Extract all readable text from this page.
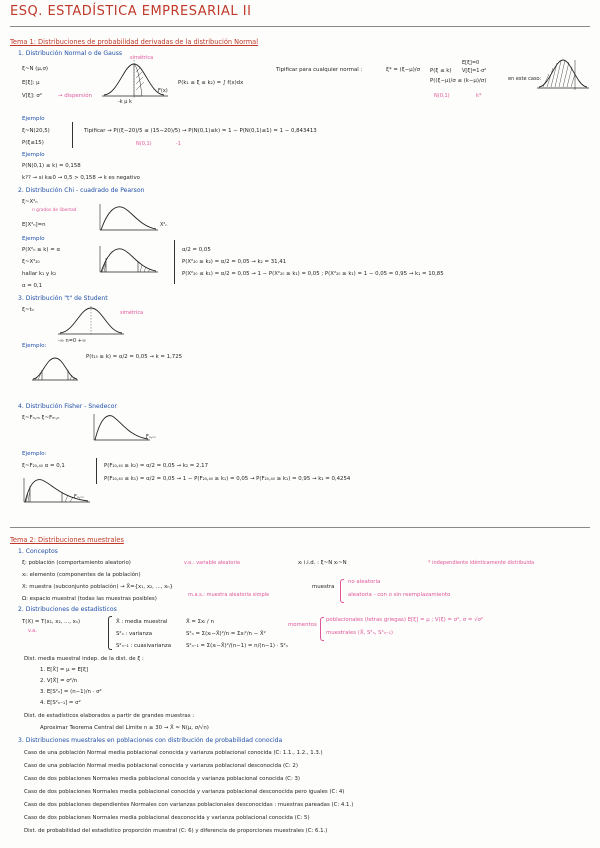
ESQ. ESTADÍSTICA EMPRESARIAL II
Tema 1: Distribuciones de probabilidad derivadas de la distribución Normal
1. Distribución Normal o de Gauss
simétrica
ξ~N (μ,σ)
E[ξ]: μ
V[ξ]: σ²	→ dispersión
F(x)
-k μ k
P(k₁ ≤ ξ ≤ k₂) = ∫ f(x)dx
Tipificar para cualquier normal :	ξ* = (ξ−μ)/σ P(ξ ≤ k)
E[ξ]=0
V[ξ]=1·σ²
P((ξ−μ)/σ ≤ (k−μ)/σ)
N(0,1)	k*
en este caso:
Ejemplo
ξ~N(20,5)
P(ξ≤15)
Tipificar → P((ξ−20)/5 ≤ (15−20)/5) → P(N(0,1)≤k) = 1 − P(N(0,1)≤1) = 1 − 0,843413
N(0,1)	-1
Ejemplo
P(N(0,1) ≤ k) = 0,158
k?? → si k≥0 → 0,5 > 0,158 → k es negativo
2. Distribución Chi - cuadrado de Pearson
ξ~X²ₙ
n grados de libertad
E[X²ₙ]=n	X²ₙ
Ejemplo
P(X²ₙ ≥ k) = α
ξ~X²₂₀
hallar k₁ y k₂
α = 0,1
α/2 = 0,05
P(X²₂₀ ≥ k₂) = α/2 = 0,05 → k₂ = 31,41
P(X²₂₀ ≤ k₁) = α/2 = 0,05 → 1 − P(X²₂₀ ≥ k₁) = 0,05 ; P(X²₂₀ ≥ k₁) = 1 − 0,05 = 0,95 → k₁ = 10,85
3. Distribución "t" de Student
ξ~tₙ	simétrica
-∞ n=0 +∞
Ejemplo:
P(t₁₅ ≥ k) = α/2 = 0,05 → k = 1,725
4. Distribución Fisher - Snedecor
ξ~Fₙ,ₘ ξ~Fₘ,ₙ
Fₙ,ₘ
Ejemplo:
ξ~F₂₀,₄₀ α = 0,1
Fₙ,ₘ
P(F₂₀,₄₀ ≥ k₂) = α/2 = 0,05 → k₂ = 2,17
P(F₂₀,₄₀ ≤ k₁) = α/2 = 0,05 → 1 − P(F₂₀,₄₀ ≥ k₁) = 0,05 → P(F₂₀,₄₀ ≥ k₁) = 0,95 → k₁ = 0,4254
Tema 2: Distribuciones muestrales
1. Conceptos
ξ: población (comportamiento aleatorio)	v.a.: variable aleatoria
xᵢ: elemento (componentes de la población)
X: muestra (subconjunto población) → X̄={x₁, x₂, ..., xₙ}
m.a.s.: muestra aleatoria simple
Ω: espacio muestral (todas las muestras posibles)
xᵢ i.i.d. : ξ~N xᵢ~N	* independiente idénticamente distribuida
muestra
no aleatoria
aleatoria - con o sin reemplazamiento
2. Distribuciones de estadísticos
T(X) = T(x₁, x₂, ..., xₙ)
v.a.
X̄ : media muestral
S²ₙ : varianza
S²ₙ₋₁ : cuasivarianza
X̄ = Σxᵢ / n
S²ₙ = Σ(xᵢ−X̄)²/n = Σxᵢ²/n − X̄²
S²ₙ₋₁ = Σ(xᵢ−X̄)²/(n−1) = n/(n−1) · S²ₙ
momentos
poblacionales (letras griegas) E[ξ] = μ ; V(ξ) = σ², σ = √σ²
muestrales (X̄, S²ₙ, S²ₙ₋₁)
Dist. media muestral indep. de la dist. de ξ :
1. E[X̄] = μ = E[ξ]
2. V[X̄] = σ²/n
3. E[S²ₙ] = (n−1)/n · σ²
4. E[S²ₙ₋₁] = σ²
Dist. de estadísticos elaborados a partir de grandes muestras :
Aproximar Teorema Central del Límite n ≥ 30 → X̄ ≈ N(μ, σ/√n)
3. Distribuciones muestrales en poblaciones con distribución de probabilidad conocida
Caso de una población Normal media poblacional conocida y varianza poblacional conocida (C: 1.1., 1.2., 1.3.)
Caso de una población Normal media poblacional conocida y varianza poblacional desconocida (C: 2)
Caso de dos poblaciones Normales media poblacional conocida y varianza poblacional conocida (C: 3)
Caso de dos poblaciones Normales media poblacional conocida y varianza poblacional desconocida pero iguales (C: 4)
Caso de dos poblaciones dependientes Normales con varianzas poblacionales desconocidas : muestras pareadas (C: 4.1.)
Caso de dos poblaciones Normales media poblacional desconocida y varianza poblacional conocida (C: 5)
Dist. de probabilidad del estadístico proporción muestral (C: 6) y diferencia de proporciones muestrales (C: 6.1.)
